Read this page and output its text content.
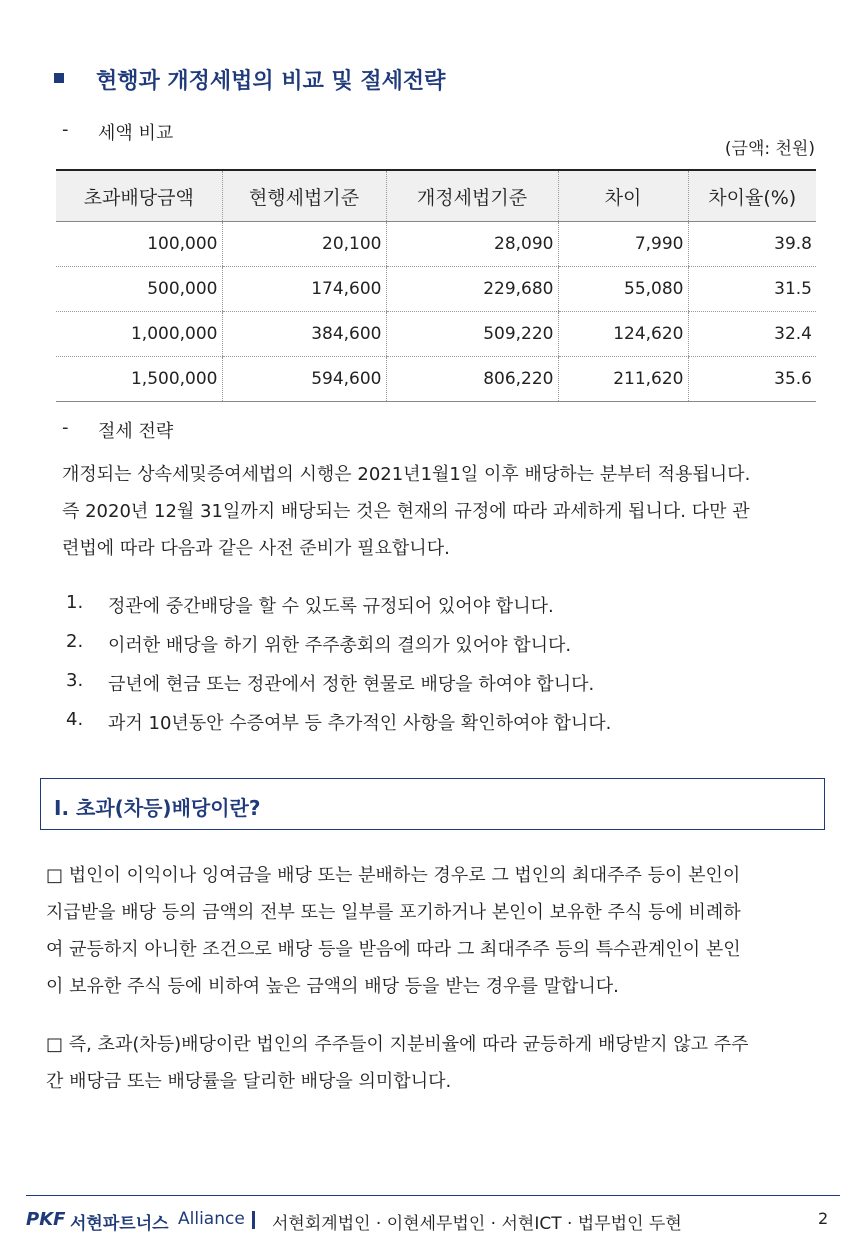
현행과 개정세법의 비교 및 절세전략
- 세액 비교
(금액: 천원)
초과배당금액	현행세법기준	개정세법기준	차이	차이율(%)
100,000	20,100	28,090	7,990	39.8
500,000	174,600	229,680	55,080	31.5
1,000,000	384,600	509,220	124,620	32.4
1,500,000	594,600	806,220	211,620	35.6
- 절세 전략
개정되는 상속세및증여세법의 시행은 2021년1월1일 이후 배당하는 분부터 적용됩니다.
즉 2020년 12월 31일까지 배당되는 것은 현재의 규정에 따라 과세하게 됩니다. 다만 관
련법에 따라 다음과 같은 사전 준비가 필요합니다.
1. 정관에 중간배당을 할 수 있도록 규정되어 있어야 합니다.
2. 이러한 배당을 하기 위한 주주총회의 결의가 있어야 합니다.
3. 금년에 현금 또는 정관에서 정한 현물로 배당을 하여야 합니다.
4. 과거 10년동안 수증여부 등 추가적인 사항을 확인하여야 합니다.
I. 초과(차등)배당이란?
□ 법인이 이익이나 잉여금을 배당 또는 분배하는 경우로 그 법인의 최대주주 등이 본인이
지급받을 배당 등의 금액의 전부 또는 일부를 포기하거나 본인이 보유한 주식 등에 비례하
여 균등하지 아니한 조건으로 배당 등을 받음에 따라 그 최대주주 등의 특수관계인이 본인
이 보유한 주식 등에 비하여 높은 금액의 배당 등을 받는 경우를 말합니다.
□ 즉, 초과(차등)배당이란 법인의 주주들이 지분비율에 따라 균등하게 배당받지 않고 주주
간 배당금 또는 배당률을 달리한 배당을 의미합니다.
PKF 서현파트너스 Alliance 서현회계법인 · 이현세무법인 · 서현ICT · 법무법인 두현	2
